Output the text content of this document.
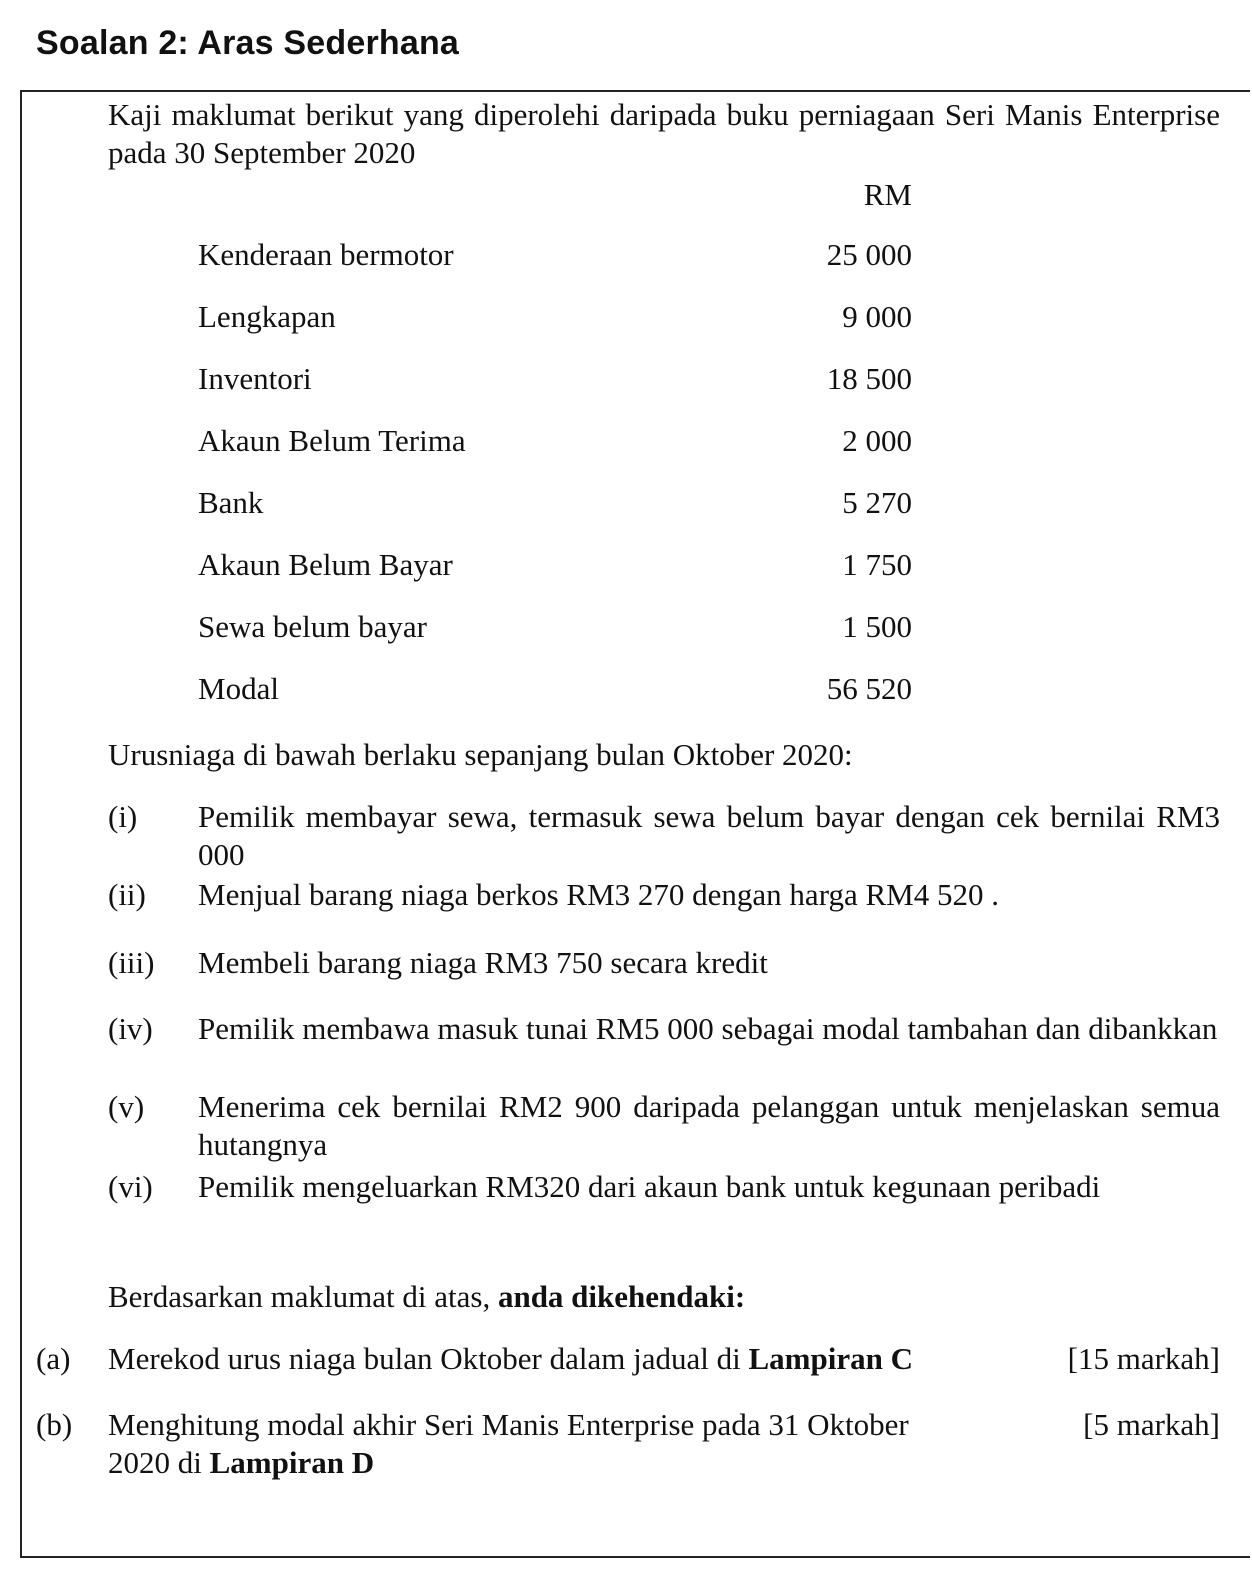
Soalan 2: Aras Sederhana
Kaji maklumat berikut yang diperolehi daripada buku perniagaan Seri Manis Enterprise pada 30 September 2020
RM
Kenderaan bermotor	25 000
Lengkapan	9 000
Inventori	18 500
Akaun Belum Terima	2 000
Bank	5 270
Akaun Belum Bayar	1 750
Sewa belum bayar	1 500
Modal	56 520
Urusniaga di bawah berlaku sepanjang bulan Oktober 2020:
(i) Pemilik membayar sewa, termasuk sewa belum bayar dengan cek bernilai RM3 000
(ii) Menjual barang niaga berkos RM3 270 dengan harga RM4 520 .
(iii) Membeli barang niaga RM3 750 secara kredit
(iv) Pemilik membawa masuk tunai RM5 000 sebagai modal tambahan dan dibankkan
(v) Menerima cek bernilai RM2 900 daripada pelanggan untuk menjelaskan semua hutangnya
(vi) Pemilik mengeluarkan RM320 dari akaun bank untuk kegunaan peribadi
Berdasarkan maklumat di atas, anda dikehendaki:
(a) Merekod urus niaga bulan Oktober dalam jadual di Lampiran C	[15 markah]
(b) Menghitung modal akhir Seri Manis Enterprise pada 31 Oktober
2020 di Lampiran D
[5 markah]
